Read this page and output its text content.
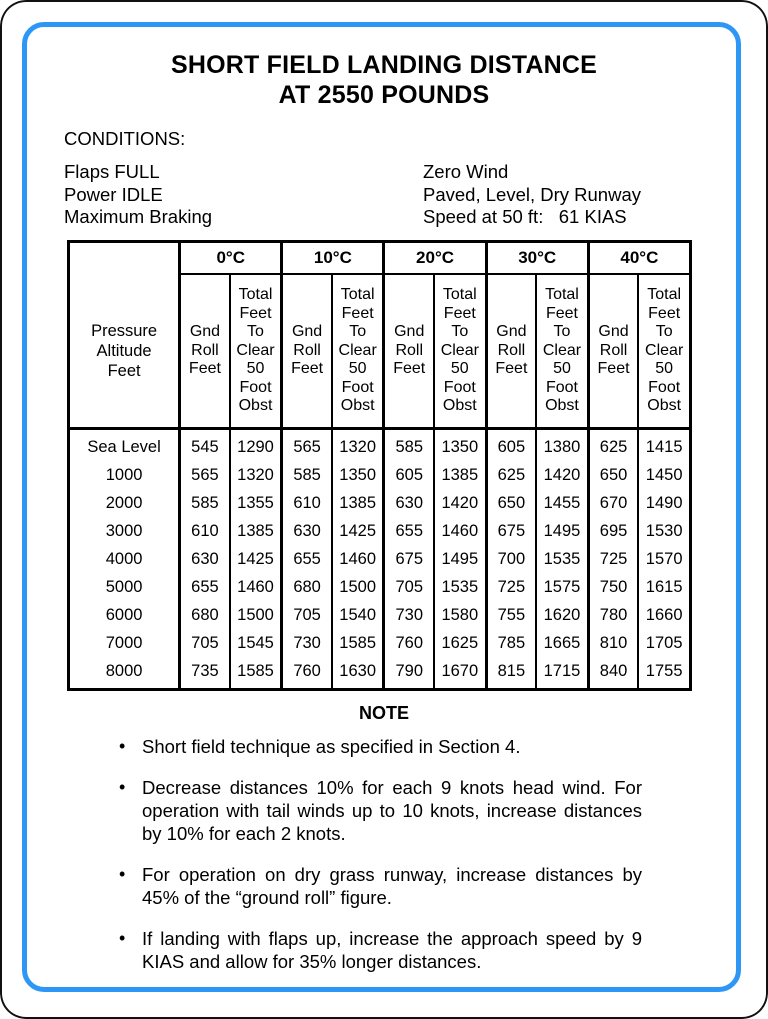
SHORT FIELD LANDING DISTANCE
AT 2550 POUNDS
CONDITIONS:
Flaps FULL
Power IDLE
Maximum Braking
Zero Wind
Paved, Level, Dry Runway
Speed at 50 ft:   61 KIAS
	0°C		10°C		20°C		30°C		40°C	
Pressure
Altitude
Feet	Gnd
Roll
Feet	Total
Feet
To
Clear
50
Foot
Obst	Gnd
Roll
Feet	Total
Feet
To
Clear
50
Foot
Obst	Gnd
Roll
Feet	Total
Feet
To
Clear
50
Foot
Obst	Gnd
Roll
Feet	Total
Feet
To
Clear
50
Foot
Obst	Gnd
Roll
Feet	Total
Feet
To
Clear
50
Foot
Obst
Sea Level	545	1290	565	1320	585	1350	605	1380	625	1415
1000	565	1320	585	1350	605	1385	625	1420	650	1450
2000	585	1355	610	1385	630	1420	650	1455	670	1490
3000	610	1385	630	1425	655	1460	675	1495	695	1530
4000	630	1425	655	1460	675	1495	700	1535	725	1570
5000	655	1460	680	1500	705	1535	725	1575	750	1615
6000	680	1500	705	1540	730	1580	755	1620	780	1660
7000	705	1545	730	1585	760	1625	785	1665	810	1705
8000	735	1585	760	1630	790	1670	815	1715	840	1755
NOTE
• Short field technique as specified in Section 4.
• Decrease distances 10% for each 9 knots head wind. For operation with tail winds up to 10 knots, increase distances by 10% for each 2 knots.
• For operation on dry grass runway, increase distances by 45% of the “ground roll” figure.
• If landing with flaps up, increase the approach speed by 9 KIAS and allow for 35% longer distances.
